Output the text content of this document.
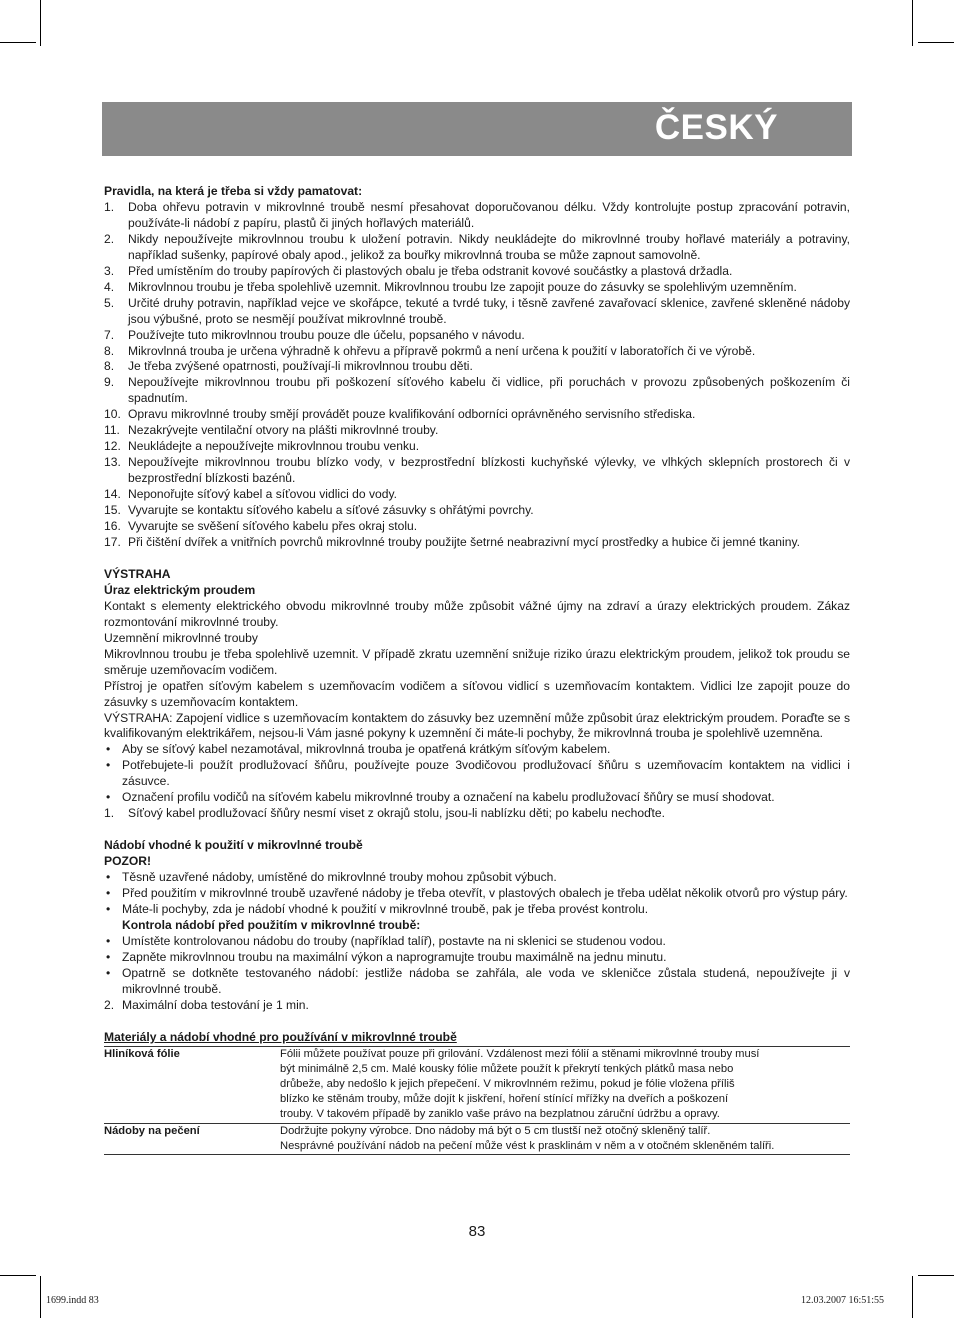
ČESKÝ
Pravidla, na která je třeba si vždy pamatovat:
1. Doba ohřevu potravin v mikrovlnné troubě nesmí přesahovat doporučovanou délku. Vždy kontrolujte postup zpracování potravin, používáte-li nádobí z papíru, plastů či jiných hořlavých materiálů.
2. Nikdy nepoužívejte mikrovlnnou troubu k uložení potravin. Nikdy neukládejte do mikrovlnné trouby hořlavé materiály a potraviny, například sušenky, papírové obaly apod., jelikož za bouřky mikrovlnná trouba se může zapnout samovolně.
3. Před umístěním do trouby papírových či plastových obalu je třeba odstranit kovové součástky a plastová držadla.
4. Mikrovlnnou troubu je třeba spolehlivě uzemnit. Mikrovlnnou troubu lze zapojit pouze do zásuvky se spolehlivým uzemněním.
5. Určité druhy potravin, například vejce ve skořápce, tekuté a tvrdé tuky, i těsně zavřené zavařovací sklenice, zavřené skleněné nádoby jsou výbušné, proto se nesmějí používat mikrovlnné troubě.
7. Používejte tuto mikrovlnnou troubu pouze dle účelu, popsaného v návodu.
8. Mikrovlnná trouba je určena výhradně k ohřevu a přípravě pokrmů a není určena k použití v laboratořích či ve výrobě.
8. Je třeba zvýšené opatrnosti, používají-li mikrovlnnou troubu děti.
9. Nepoužívejte mikrovlnnou troubu při poškození síťového kabelu či vidlice, při poruchách v provozu způsobených poškozením či spadnutím.
10. Opravu mikrovlnné trouby smějí provádět pouze kvalifikování odborníci oprávněného servisního střediska.
11. Nezakrývejte ventilační otvory na plášti mikrovlnné trouby.
12. Neukládejte a nepoužívejte mikrovlnnou troubu venku.
13. Nepoužívejte mikrovlnnou troubu blízko vody, v bezprostřední blízkosti kuchyňské výlevky, ve vlhkých sklepních prostorech či v bezprostřední blízkosti bazénů.
14. Neponořujte síťový kabel a síťovou vidlici do vody.
15. Vyvarujte se kontaktu síťového kabelu a síťové zásuvky s ohřátými povrchy.
16. Vyvarujte se svěšení síťového kabelu přes okraj stolu.
17. Při čištění dvířek a vnitřních povrchů mikrovlnné trouby použijte šetrné neabrazivní mycí prostředky a hubice či jemné tkaniny.
VÝSTRAHA
Úraz elektrickým proudem
Kontakt s elementy elektrického obvodu mikrovlnné trouby může způsobit vážné újmy na zdraví a úrazy elektrických proudem. Zákaz rozmontování mikrovlnné trouby.
Uzemnění mikrovlnné trouby
Mikrovlnnou troubu je třeba spolehlivě uzemnit. V případě zkratu uzemnění snižuje riziko úrazu elektrickým proudem, jelikož tok proudu se směruje uzemňovacím vodičem.
Přístroj je opatřen síťovým kabelem s uzemňovacím vodičem a síťovou vidlicí s uzemňovacím kontaktem. Vidlici lze zapojit pouze do zásuvky s uzemňovacím kontaktem.
VÝSTRAHA: Zapojení vidlice s uzemňovacím kontaktem do zásuvky bez uzemnění může způsobit úraz elektrickým proudem. Poraďte se s kvalifikovaným elektrikářem, nejsou-li Vám jasné pokyny k uzemnění či máte-li pochyby, že mikrovlnná trouba je spolehlivě uzemněna.
• Aby se síťový kabel nezamotával, mikrovlnná trouba je opatřená krátkým síťovým kabelem.
• Potřebujete-li použít prodlužovací šňůru, používejte pouze 3vodičovou prodlužovací šňůru s uzemňovacím kontaktem na vidlici i zásuvce.
• Označení profilu vodičů na síťovém kabelu mikrovlnné trouby a označení na kabelu prodlužovací šňůry se musí shodovat.
1. Síťový kabel prodlužovací šňůry nesmí viset z okrajů stolu, jsou-li nablízku děti; po kabelu nechoďte.
Nádobí vhodné k použití v mikrovlnné troubě
POZOR!
• Těsně uzavřené nádoby, umístěné do mikrovlnné trouby mohou způsobit výbuch.
• Před použitím v mikrovlnné troubě uzavřené nádoby je třeba otevřít, v plastových obalech je třeba udělat několik otvorů pro výstup páry.
• Máte-li pochyby, zda je nádobí vhodné k použití v mikrovlnné troubě, pak je třeba provést kontrolu.
Kontrola nádobí před použitím v mikrovlnné troubě:
• Umístěte kontrolovanou nádobu do trouby (například talíř), postavte na ni sklenici se studenou vodou.
• Zapněte mikrovlnnou troubu na maximální výkon a naprogramujte troubu maximálně na jednu minutu.
• Opatrně se dotkněte testovaného nádobí: jestliže nádoba se zahřála, ale voda ve skleničce zůstala studená, nepoužívejte ji v mikrovlnné troubě.
2. Maximální doba testování je 1 min.
Materiály a nádobí vhodné pro používání v mikrovlnné troubě
Hliníková fólie	Fólii můžete používat pouze při grilování. Vzdálenost mezi fólií a stěnami mikrovlnné trouby musí
být minimálně 2,5 cm. Malé kousky fólie můžete použít k překrytí tenkých plátků masa nebo
drůbeže, aby nedošlo k jejich přepečení. V mikrovlnném režimu, pokud je fólie vložena příliš
blízko ke stěnám trouby, může dojít k jiskření, hoření stínící mřížky na dveřích a poškození
trouby. V takovém případě by zaniklo vaše právo na bezplatnou záruční údržbu a opravy.

Nádoby na pečení	Dodržujte pokyny výrobce. Dno nádoby má být o 5 cm tlustší než otočný skleněný talíř.
Nesprávné používání nádob na pečení může vést k prasklinám v něm a v otočném skleněném talíři.
83
1699.indd 83	12.03.2007 16:51:55
